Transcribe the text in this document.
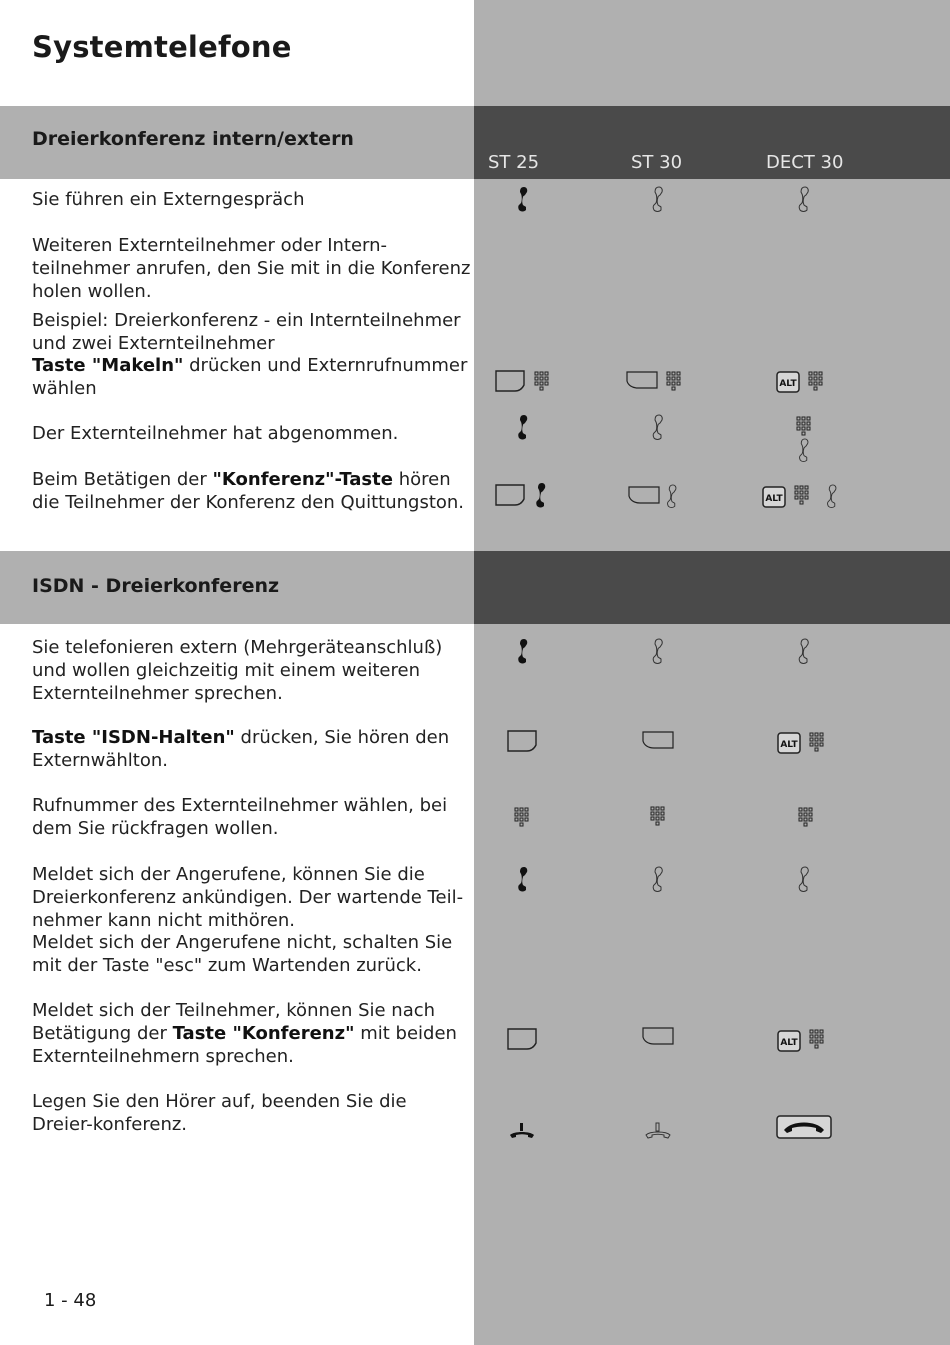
Systemtelefone
Dreierkonferenz intern/extern
ST 25	ST 30	DECT 30
Sie führen ein Externgespräch
Weiteren Externteilnehmer oder Intern-teilnehmer anrufen, den Sie mit in die Konferenz holen wollen.
Beispiel: Dreierkonferenz - ein Internteilnehmer und zwei Externteilnehmer
Taste "Makeln" drücken und Externrufnummer wählen
Der Externteilnehmer hat abgenommen.
Beim Betätigen der "Konferenz"-Taste hören die Teilnehmer der Konferenz den Quittungston.
ALT
ALT
ISDN - Dreierkonferenz
Sie telefonieren extern (Mehrgeräteanschluß) und wollen gleichzeitig mit einem weiteren Externteilnehmer sprechen.
Taste "ISDN-Halten" drücken, Sie hören den Externwählton.
Rufnummer des Externteilnehmer wählen, bei dem Sie rückfragen wollen.
Meldet sich der Angerufene, können Sie die Dreierkonferenz ankündigen. Der wartende Teil-nehmer kann nicht mithören.
Meldet sich der Angerufene nicht, schalten Sie mit der Taste "esc" zum Wartenden zurück.
Meldet sich der Teilnehmer, können Sie nach Betätigung der Taste "Konferenz" mit beiden Externteilnehmern sprechen.
Legen Sie den Hörer auf, beenden Sie die Dreier-konferenz.
ALT
ALT
1 - 48
